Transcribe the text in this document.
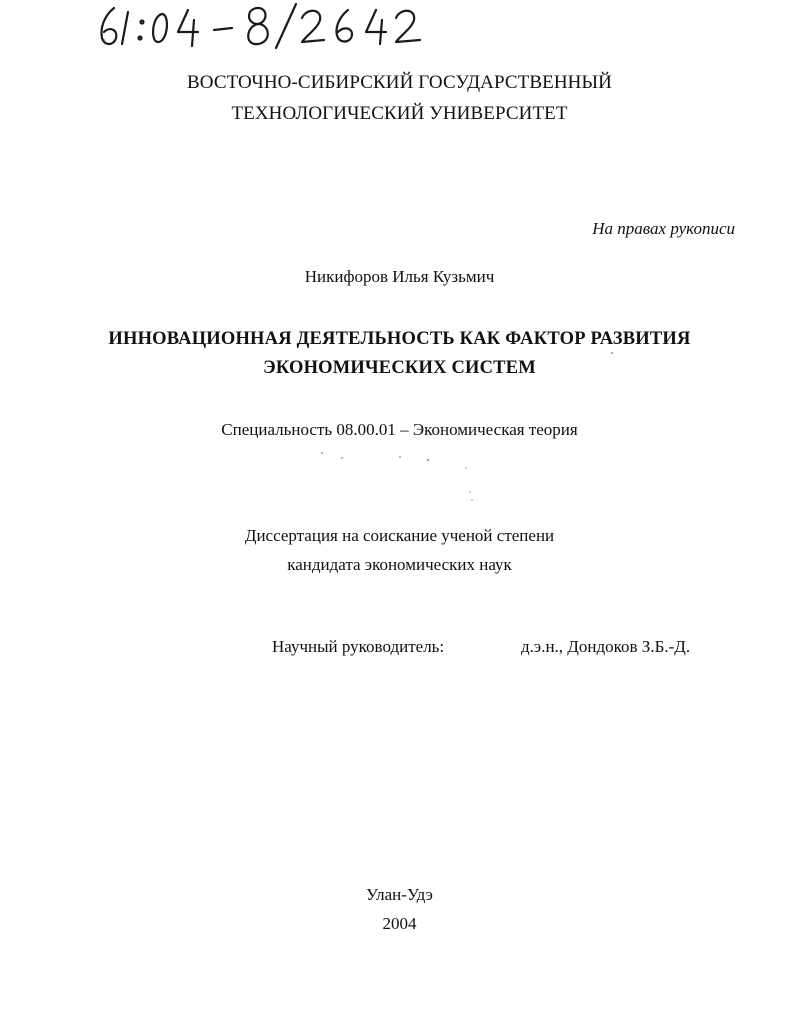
ВОСТОЧНО-СИБИРСКИЙ ГОСУДАРСТВЕННЫЙ
ТЕХНОЛОГИЧЕСКИЙ УНИВЕРСИТЕТ
На правах рукописи
Никифоров Илья Кузьмич
ИННОВАЦИОННАЯ ДЕЯТЕЛЬНОСТЬ КАК ФАКТОР РАЗВИТИЯ
ЭКОНОМИЧЕСКИХ СИСТЕМ
Специальность 08.00.01 – Экономическая теория
Диссертация на соискание ученой степени
кандидата экономических наук
Научный руководитель:	д.э.н., Дондоков З.Б.-Д.
Улан-Удэ
2004
